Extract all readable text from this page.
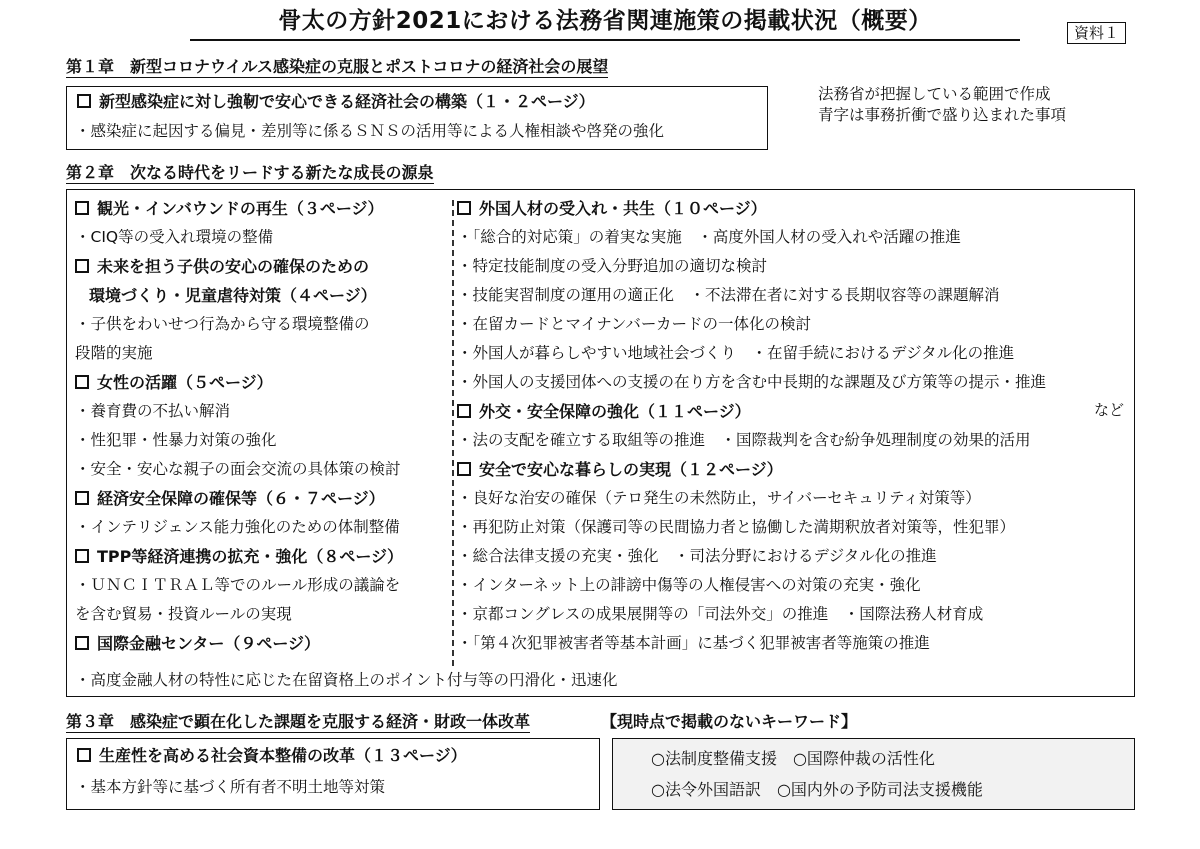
骨太の方針2021における法務省関連施策の掲載状況（概要）	資料１
第１章　新型コロナウイルス感染症の克服とポストコロナの経済社会の展望
新型感染症に対し強靭で安心できる経済社会の構築（１・２ページ）
・感染症に起因する偏見・差別等に係るＳＮＳの活用等による人権相談や啓発の強化
法務省が把握している範囲で作成
青字は事務折衝で盛り込まれた事項
第２章　次なる時代をリードする新たな成長の源泉
観光・インバウンドの再生（３ページ）
・CIQ等の受入れ環境の整備
未来を担う子供の安心の確保のための
環境づくり・児童虐待対策（４ページ）
・子供をわいせつ行為から守る環境整備の
段階的実施
女性の活躍（５ページ）
・養育費の不払い解消
・性犯罪・性暴力対策の強化
・安全・安心な親子の面会交流の具体策の検討
経済安全保障の確保等（６・７ページ）
・インテリジェンス能力強化のための体制整備
TPP等経済連携の拡充・強化（８ページ）
・ＵＮＣＩＴＲＡＬ等でのルール形成の議論を
を含む貿易・投資ルールの実現
国際金融センター（９ページ）
外国人材の受入れ・共生（１０ページ）
・「総合的対応策」の着実な実施　・高度外国人材の受入れや活躍の推進
・特定技能制度の受入分野追加の適切な検討
・技能実習制度の運用の適正化　・不法滞在者に対する長期収容等の課題解消
・在留カードとマイナンバーカードの一体化の検討
・外国人が暮らしやすい地域社会づくり　・在留手続におけるデジタル化の推進
・外国人の支援団体への支援の在り方を含む中長期的な課題及び方策等の提示・推進
外交・安全保障の強化（１１ページ）
・法の支配を確立する取組等の推進　・国際裁判を含む紛争処理制度の効果的活用
安全で安心な暮らしの実現（１２ページ）
・良好な治安の確保（テロ発生の未然防止，サイバーセキュリティ対策等）
・再犯防止対策（保護司等の民間協力者と協働した満期釈放者対策等，性犯罪）
・総合法律支援の充実・強化　・司法分野におけるデジタル化の推進
・インターネット上の誹謗中傷等の人権侵害への対策の充実・強化
・京都コングレスの成果展開等の「司法外交」の推進　・国際法務人材育成
・「第４次犯罪被害者等基本計画」に基づく犯罪被害者等施策の推進
など
・高度金融人材の特性に応じた在留資格上のポイント付与等の円滑化・迅速化
第３章　感染症で顕在化した課題を克服する経済・財政一体改革	【現時点で掲載のないキーワード】
生産性を高める社会資本整備の改革（１３ページ）
・基本方針等に基づく所有者不明土地等対策
○法制度整備支援　○国際仲裁の活性化
○法令外国語訳　○国内外の予防司法支援機能
